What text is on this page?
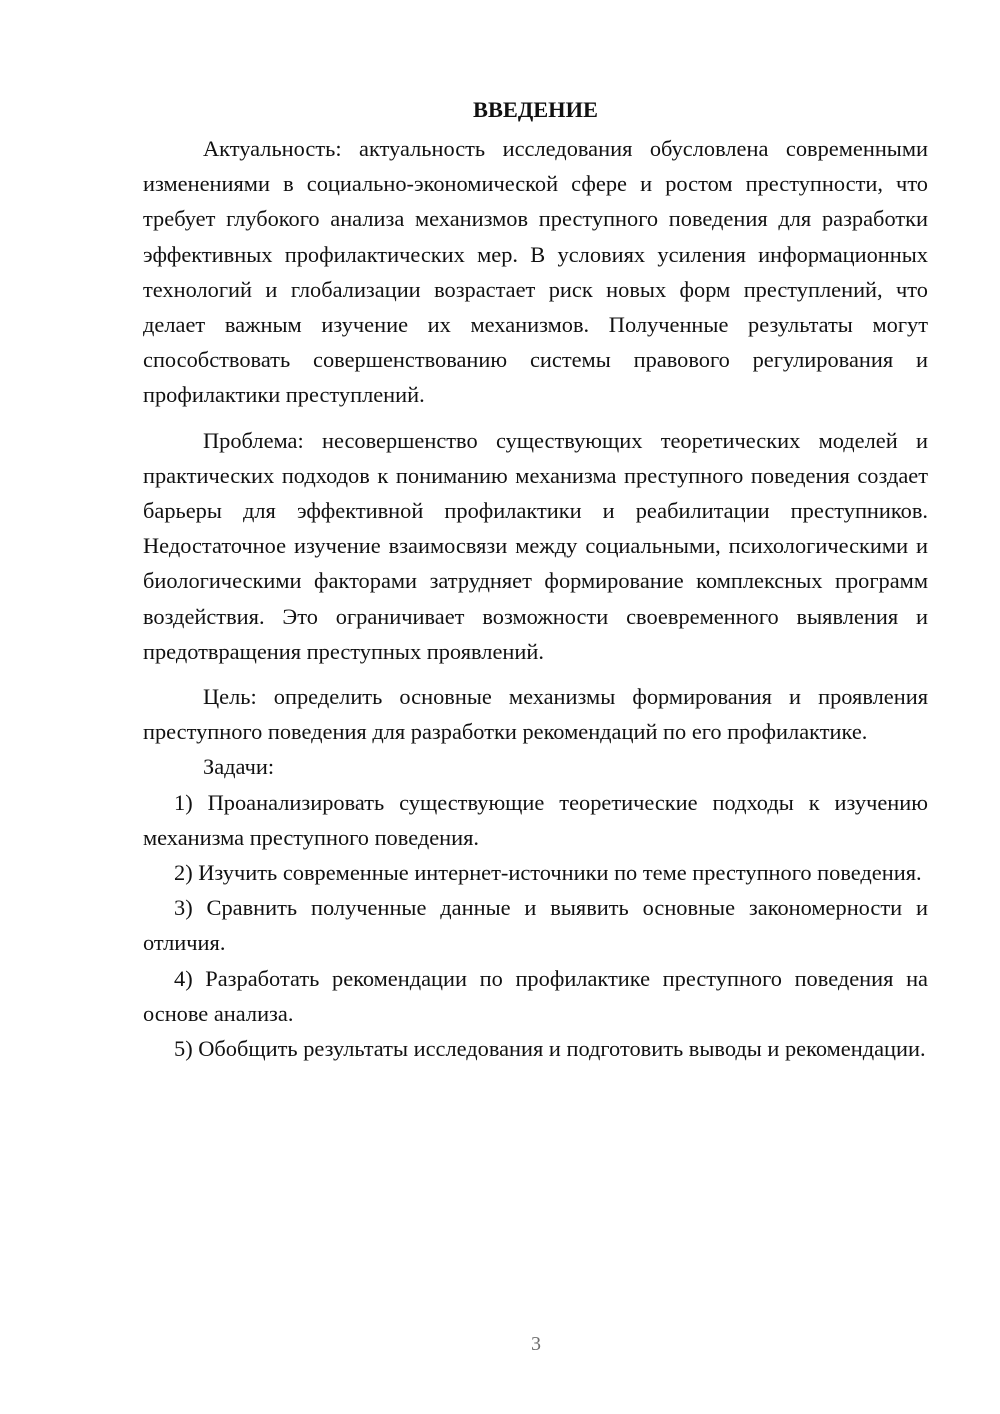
ВВЕДЕНИЕ

Актуальность: актуальность исследования обусловлена современными изменениями в социально-экономической сфере и ростом преступности, что требует глубокого анализа механизмов преступного поведения для разработки эффективных профилактических мер. В условиях усиления информационных технологий и глобализации возрастает риск новых форм преступлений, что делает важным изучение их механизмов. Полученные результаты могут способствовать совершенствованию системы правового регулирования и профилактики преступлений.

Проблема: несовершенство существующих теоретических моделей и практических подходов к пониманию механизма преступного поведения создает барьеры для эффективной профилактики и реабилитации преступников. Недостаточное изучение взаимосвязи между социальными, психологическими и биологическими факторами затрудняет формирование комплексных программ воздействия. Это ограничивает возможности своевременного выявления и предотвращения преступных проявлений.

Цель: определить основные механизмы формирования и проявления преступного поведения для разработки рекомендаций по его профилактике.

Задачи:

1) Проанализировать существующие теоретические подходы к изучению механизма преступного поведения.

2) Изучить современные интернет-источники по теме преступного поведения.

3) Сравнить полученные данные и выявить основные закономерности и отличия.

4) Разработать рекомендации по профилактике преступного поведения на основе анализа.

5) Обобщить результаты исследования и подготовить выводы и рекомендации.

3
